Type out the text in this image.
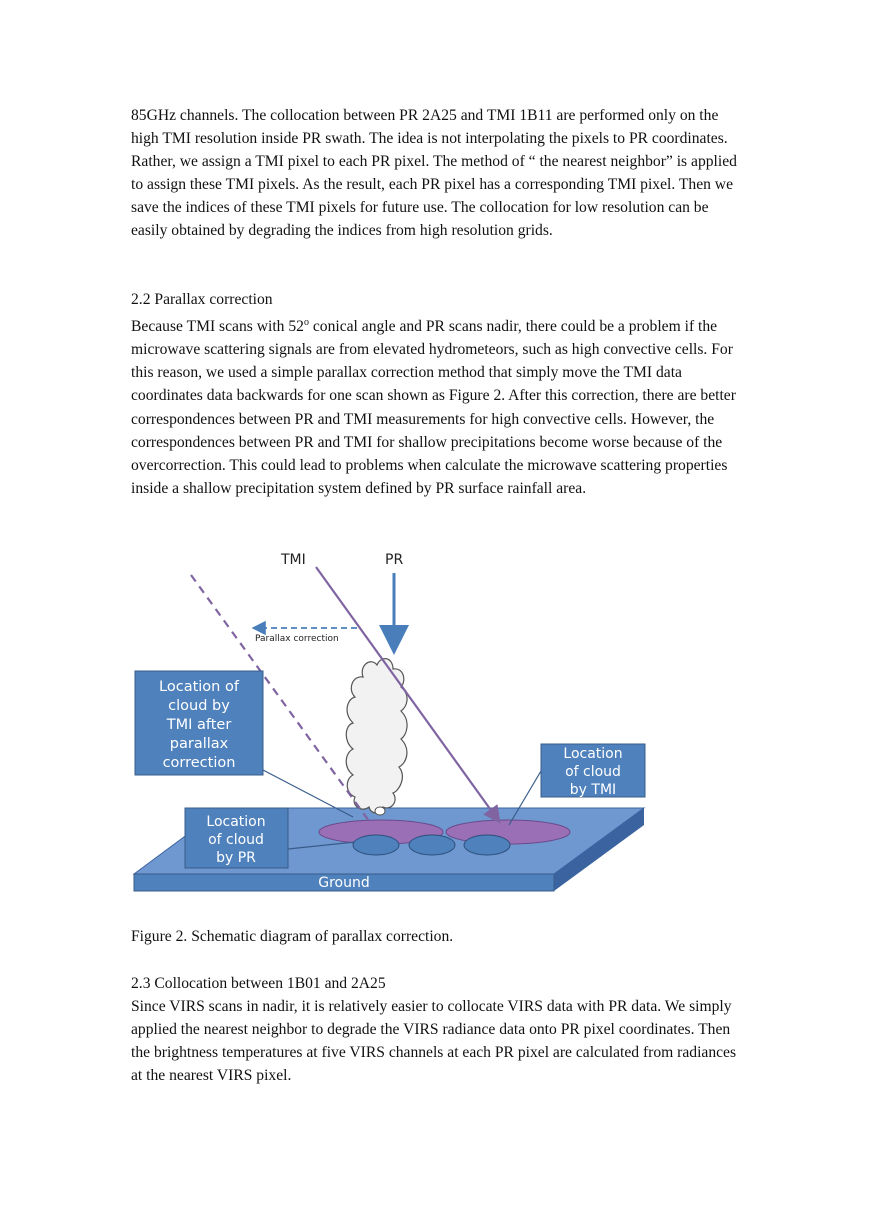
85GHz channels. The collocation between PR 2A25 and TMI 1B11 are performed only on the high TMI resolution inside PR swath. The idea is not interpolating the pixels to PR coordinates. Rather, we assign a TMI pixel to each PR pixel. The method of “ the nearest neighbor” is applied to assign these TMI pixels. As the result, each PR pixel has a corresponding TMI pixel. Then we save the indices of these TMI pixels for future use. The collocation for low resolution can be easily obtained by degrading the indices from high resolution grids.

2.2 Parallax correction

Because TMI scans with 52$^o$ conical angle and PR scans nadir, there could be a problem if the microwave scattering signals are from elevated hydrometeors, such as high convective cells. For this reason, we used a simple parallax correction method that simply move the TMI data coordinates data backwards for one scan shown as Figure 2. After this correction, there are better correspondences between PR and TMI measurements for high convective cells. However, the correspondences between PR and TMI for shallow precipitations become worse because of the overcorrection. This could lead to problems when calculate the microwave scattering properties inside a shallow precipitation system defined by PR surface rainfall area.

Ground
Parallax correction
TMI	PR
Location of
cloud by
TMI after
parallax
correction
Location
of cloud
by TMI
Location
of cloud
by PR

Figure 2. Schematic diagram of parallax correction.

2.3 Collocation between 1B01 and 2A25

Since VIRS scans in nadir, it is relatively easier to collocate VIRS data with PR data. We simply applied the nearest neighbor to degrade the VIRS radiance data onto PR pixel coordinates. Then the brightness temperatures at five VIRS channels at each PR pixel are calculated from radiances at the nearest VIRS pixel.
